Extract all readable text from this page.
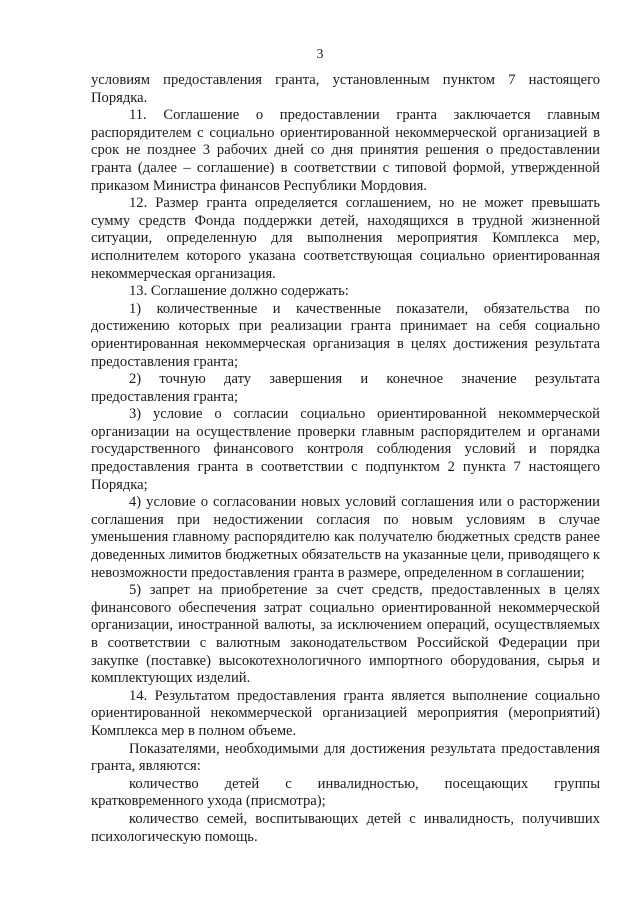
3

условиям предоставления гранта, установленным пунктом 7 настоящего Порядка.

11. Соглашение о предоставлении гранта заключается главным распорядителем с социально ориентированной некоммерческой организацией в срок не позднее 3 рабочих дней со дня принятия решения о предоставлении гранта (далее – соглашение) в соответствии с типовой формой, утвержденной приказом Министра финансов Республики Мордовия.

12. Размер гранта определяется соглашением, но не может превышать сумму средств Фонда поддержки детей, находящихся в трудной жизненной ситуации, определенную для выполнения мероприятия Комплекса мер, исполнителем которого указана соответствующая социально ориентированная некоммерческая организация.

13. Соглашение должно содержать:

1) количественные и качественные показатели, обязательства по достижению которых при реализации гранта принимает на себя социально ориентированная некоммерческая организация в целях достижения результата предоставления гранта;

2) точную дату завершения и конечное значение результата предоставления гранта;

3) условие о согласии социально ориентированной некоммерческой организации на осуществление проверки главным распорядителем и органами государственного финансового контроля соблюдения условий и порядка предоставления гранта в соответствии с подпунктом 2 пункта 7 настоящего Порядка;

4) условие о согласовании новых условий соглашения или о расторжении соглашения при недостижении согласия по новым условиям в случае уменьшения главному распорядителю как получателю бюджетных средств ранее доведенных лимитов бюджетных обязательств на указанные цели, приводящего к невозможности предоставления гранта в размере, определенном в соглашении;

5) запрет на приобретение за счет средств, предоставленных в целях финансового обеспечения затрат социально ориентированной некоммерческой организации, иностранной валюты, за исключением операций, осуществляемых в соответствии с валютным законодательством Российской Федерации при закупке (поставке) высокотехнологичного импортного оборудования, сырья и комплектующих изделий.

14. Результатом предоставления гранта является выполнение социально ориентированной некоммерческой организацией мероприятия (мероприятий) Комплекса мер в полном объеме.

Показателями, необходимыми для достижения результата предоставления гранта, являются:

количество детей с инвалидностью, посещающих группы кратковременного ухода (присмотра);

количество семей, воспитывающих детей с инвалидность, получивших психологическую помощь.
